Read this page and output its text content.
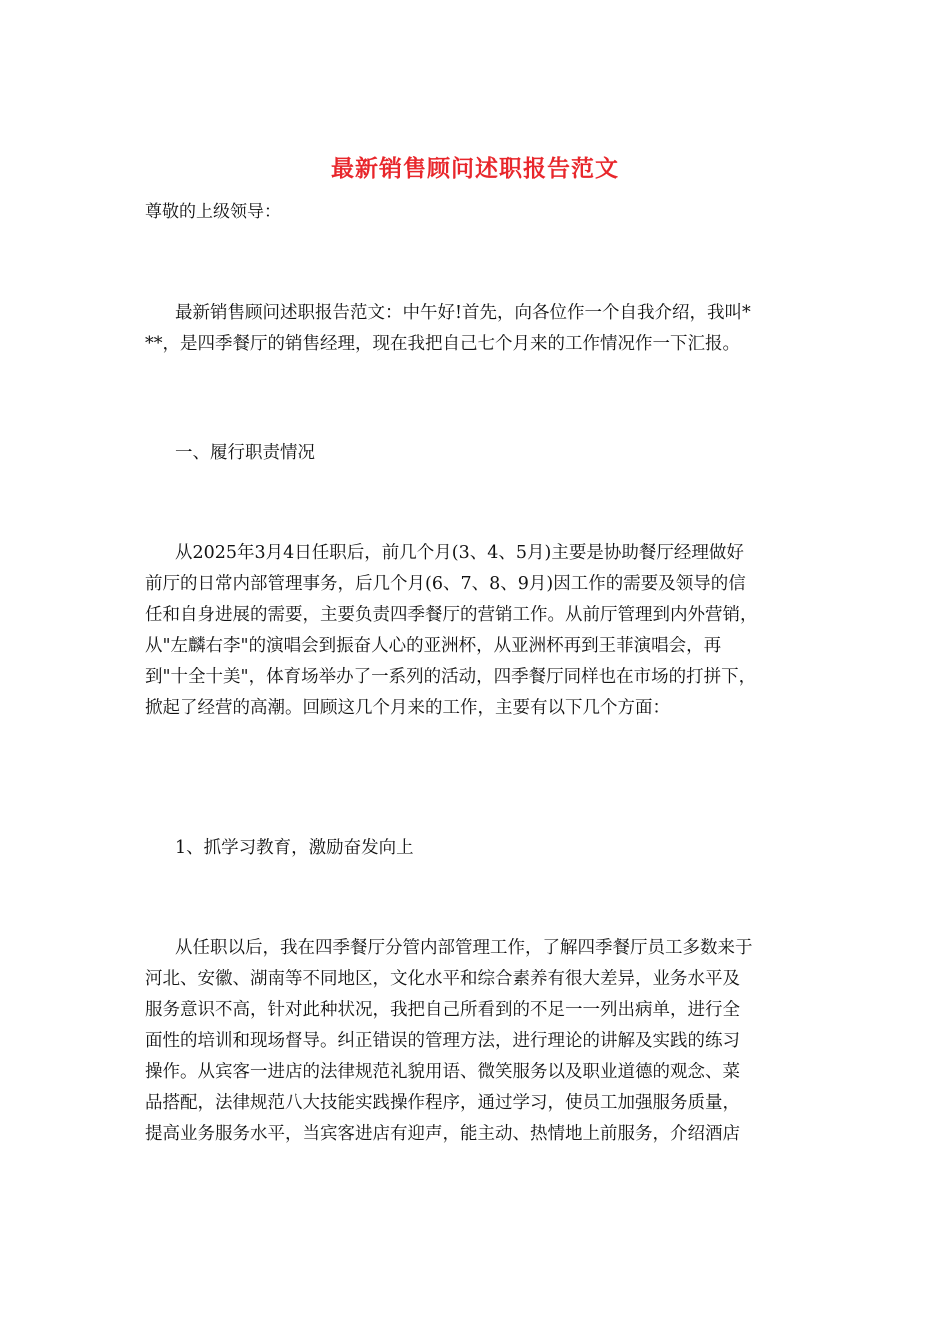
最新销售顾问述职报告范文
尊敬的上级领导：
最新销售顾问述职报告范文：中午好!首先，向各位作一个自我介绍，我叫*
**，是四季餐厅的销售经理，现在我把自己七个月来的工作情况作一下汇报。
一、履行职责情况
从2025年3月4日任职后，前几个月(3、4、5月)主要是协助餐厅经理做好
前厅的日常内部管理事务，后几个月(6、7、8、9月)因工作的需要及领导的信
任和自身进展的需要，主要负责四季餐厅的营销工作。从前厅管理到内外营销，
从"左麟右李"的演唱会到振奋人心的亚洲杯，从亚洲杯再到王菲演唱会，再
到"十全十美"，体育场举办了一系列的活动，四季餐厅同样也在市场的打拼下，
掀起了经营的高潮。回顾这几个月来的工作，主要有以下几个方面：
1、抓学习教育，激励奋发向上
从任职以后，我在四季餐厅分管内部管理工作，了解四季餐厅员工多数来于
河北、安徽、湖南等不同地区，文化水平和综合素养有很大差异，业务水平及
服务意识不高，针对此种状况，我把自己所看到的不足一一列出病单，进行全
面性的培训和现场督导。纠正错误的管理方法，进行理论的讲解及实践的练习
操作。从宾客一进店的法律规范礼貌用语、微笑服务以及职业道德的观念、菜
品搭配，法律规范八大技能实践操作程序，通过学习，使员工加强服务质量，
提高业务服务水平，当宾客进店有迎声，能主动、热情地上前服务，介绍酒店
